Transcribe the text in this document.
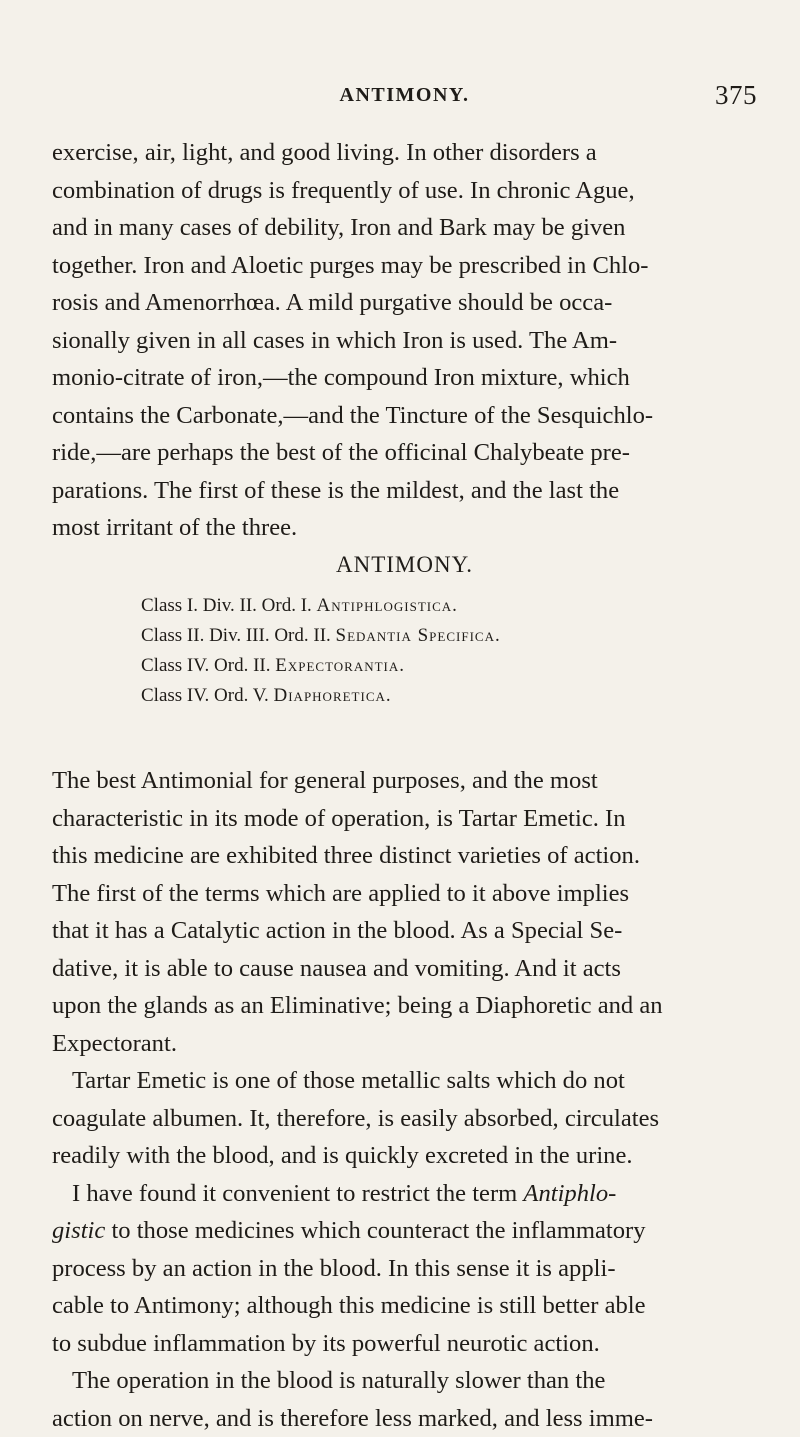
ANTIMONY.	375

exercise, air, light, and good living. In other disorders a

combination of drugs is frequently of use. In chronic Ague,

and in many cases of debility, Iron and Bark may be given

together. Iron and Aloetic purges may be prescribed in Chlo-

rosis and Amenorrhœa. A mild purgative should be occa-

sionally given in all cases in which Iron is used. The Am-

monio-citrate of iron,—the compound Iron mixture, which

contains the Carbonate,—and the Tincture of the Sesquichlo-

ride,—are perhaps the best of the officinal Chalybeate pre-

parations. The first of these is the mildest, and the last the

most irritant of the three.

ANTIMONY.
Class I. Div. II. Ord. I. Antiphlogistica.
Class II. Div. III. Ord. II. Sedantia Specifica.
Class IV. Ord. II. Expectorantia.
Class IV. Ord. V. Diaphoretica.

The best Antimonial for general purposes, and the most

characteristic in its mode of operation, is Tartar Emetic. In

this medicine are exhibited three distinct varieties of action.

The first of the terms which are applied to it above implies

that it has a Catalytic action in the blood. As a Special Se-

dative, it is able to cause nausea and vomiting. And it acts

upon the glands as an Eliminative; being a Diaphoretic and an

Expectorant.

Tartar Emetic is one of those metallic salts which do not

coagulate albumen. It, therefore, is easily absorbed, circulates

readily with the blood, and is quickly excreted in the urine.

I have found it convenient to restrict the term Antiphlo-

gistic to those medicines which counteract the inflammatory

process by an action in the blood. In this sense it is appli-

cable to Antimony; although this medicine is still better able

to subdue inflammation by its powerful neurotic action.

The operation in the blood is naturally slower than the

action on nerve, and is therefore less marked, and less imme-
